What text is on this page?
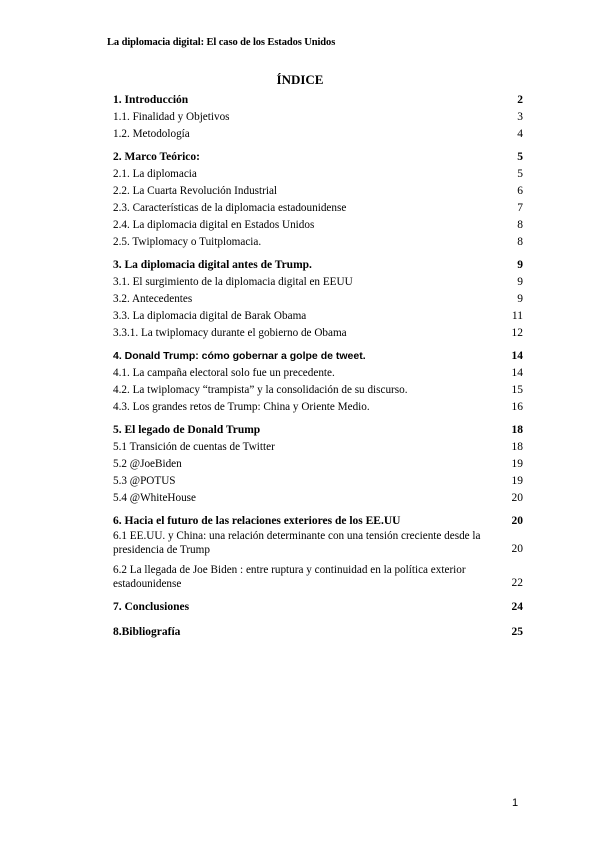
La diplomacia digital: El caso de los Estados Unidos
ÍNDICE
1. Introducción	2
1.1. Finalidad y Objetivos	3
1.2. Metodología	4
2. Marco Teórico:	5
2.1. La diplomacia	5
2.2. La Cuarta Revolución Industrial	6
2.3. Características de la diplomacia estadounidense	7
2.4. La diplomacia digital en Estados Unidos	8
2.5. Twiplomacy o Tuitplomacia.	8
3. La diplomacia digital antes de Trump.	9
3.1. El surgimiento de la diplomacia digital en EEUU	9
3.2. Antecedentes	9
3.3. La diplomacia digital de Barak Obama	11
3.3.1. La twiplomacy durante el gobierno de Obama	12
4. Donald Trump: cómo gobernar a golpe de tweet.	14
4.1. La campaña electoral solo fue un precedente.	14
4.2. La twiplomacy “trampista” y la consolidación de su discurso.	15
4.3. Los grandes retos de Trump: China y Oriente Medio.	16
5. El legado de Donald Trump	18
5.1 Transición de cuentas de Twitter	18
5.2 @JoeBiden	19
5.3 @POTUS	19
5.4 @WhiteHouse	20
6. Hacia el futuro de las relaciones exteriores de los EE.UU	20
6.1 EE.UU. y China: una relación determinante con una tensión creciente desde la presidencia de Trump	20
6.2 La llegada de Joe Biden : entre ruptura y continuidad en la política exterior estadounidense	22
7. Conclusiones	24
8.Bibliografía	25
1
